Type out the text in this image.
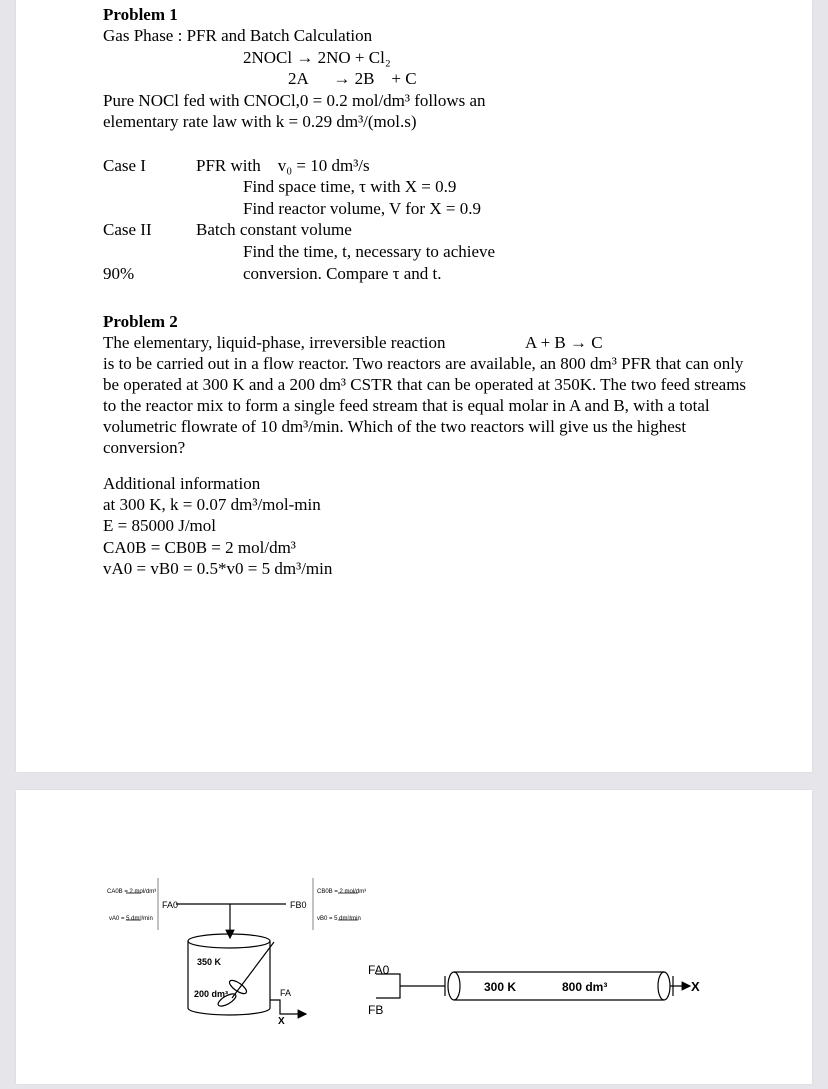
Problem 1
Gas Phase : PFR and Batch Calculation
2NOCl → 2NO + Cl₂
2A      → 2B    + C
Pure NOCl fed with CNOCl,0 = 0.2 mol/dm³ follows an
elementary rate law with k = 0.29 dm³/(mol.s)
Case I	PFR with    v₀ = 10 dm³/s
Find space time, τ with X = 0.9
Find reactor volume, V for X = 0.9
Case II	Batch constant volume
Find the time, t, necessary to achieve
90%	conversion. Compare τ and t.
Problem 2
The elementary, liquid-phase, irreversible reaction	A + B → C
is to be carried out in a flow reactor. Two reactors are available, an 800 dm³ PFR that can only be operated at 300 K and a 200 dm³ CSTR that can be operated at 350K. The two feed streams to the reactor mix to form a single feed stream that is equal molar in A and B, with a total volumetric flowrate of 10 dm³/min. Which of the two reactors will give us the highest conversion?
Additional information
at 300 K, k = 0.07 dm³/mol-min
E = 85000 J/mol
CA0B = CB0B = 2 mol/dm³
vA0 = vB0 = 0.5*v0 = 5 dm³/min
CA0B = 2 mol/dm³
vA0 = 5 dm³/min
FA0
CB0B = 2 mol/dm³
vB0 = 5 dm³/min
FB0
350 K
200 dm³	FA
X
FA0
FB
300 K	800 dm³	X
